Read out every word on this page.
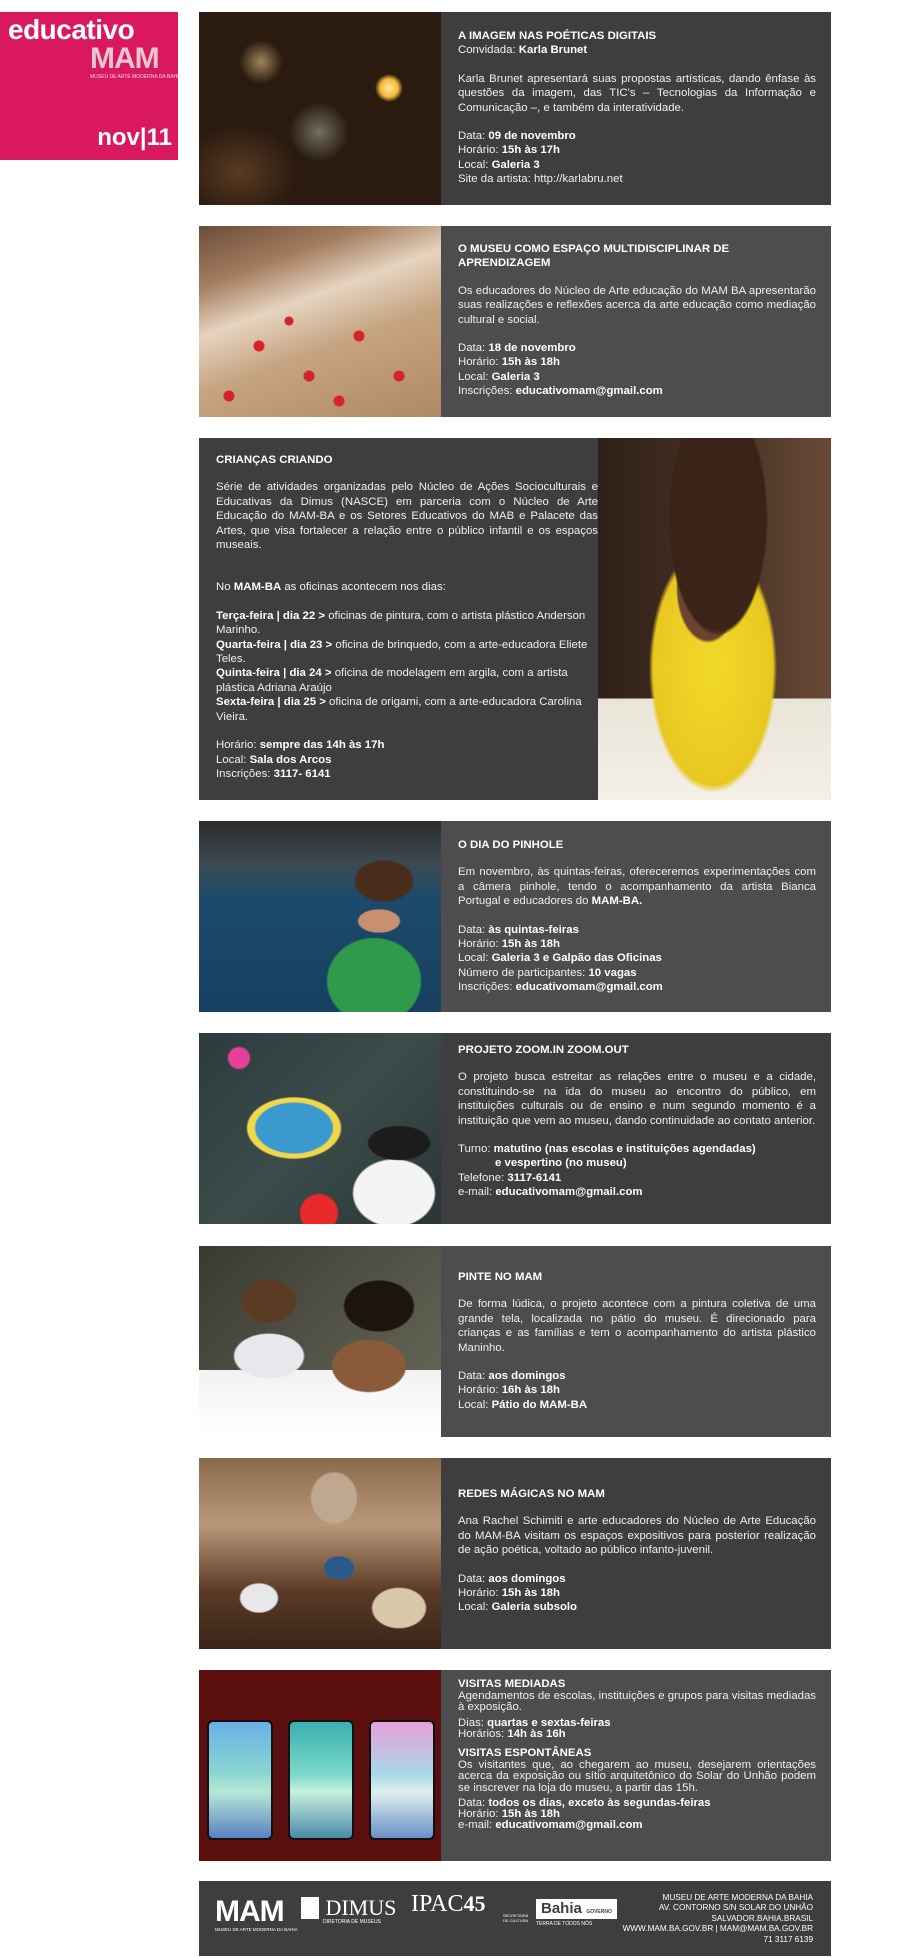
educativo
MAM
MUSEU DE ARTE MODERNA DA BAHIA
nov|11
A IMAGEM NAS POÉTICAS DIGITAIS

Convidada: Karla Brunet

Karla Brunet apresentará suas propostas artísticas, dando ênfase às questões da imagem, das TIC's – Tecnologias da Informação e Comunicação –, e também da interatividade.

Data: 09 de novembro

Horário: 15h às 17h

Local: Galeria 3

Site da artista: http://karlabru.net

O MUSEU COMO ESPAÇO MULTIDISCIPLINAR DE APRENDIZAGEM

Os educadores do Núcleo de Arte educação do MAM BA apresentarão suas realizações e reflexões acerca da arte educação como mediação cultural e social.

Data: 18 de novembro

Horário: 15h às 18h

Local: Galeria 3

Inscrições: educativomam@gmail.com

CRIANÇAS CRIANDO

Série de atividades organizadas pelo Núcleo de Ações Socioculturais e Educativas da Dimus (NASCE) em parceria com o Núcleo de Arte Educação do MAM-BA e os Setores Educativos do MAB e Palacete das Artes, que visa fortalecer a relação entre o público infantil e os espaços museais.

No MAM-BA as oficinas acontecem nos dias:

Terça-feira | dia 22 > oficinas de pintura, com o artista plástico Anderson Marinho.

Quarta-feira | dia 23 > oficina de brinquedo, com a arte-educadora Eliete Teles.

Quinta-feira | dia 24 > oficina de modelagem em argila, com a artista plástica Adriana Araújo

Sexta-feira | dia 25 > oficina de origami, com a arte-educadora Carolina Vieira.

Horário: sempre das 14h às 17h

Local: Sala dos Arcos

Inscrições: 3117- 6141

O DIA DO PINHOLE

Em novembro, às quintas-feiras, ofereceremos experimentações com a câmera pinhole, tendo o acompanhamento da artista Bianca Portugal e educadores do MAM-BA.

Data: às quintas-feiras

Horário: 15h às 18h

Local: Galeria 3 e Galpão das Oficinas

Número de participantes: 10 vagas

Inscrições: educativomam@gmail.com

PROJETO ZOOM.IN ZOOM.OUT

O projeto busca estreitar as relações entre o museu e a cidade, constituindo-se na ida do museu ao encontro do público, em instituições culturais ou de ensino e num segundo momento é a instituição que vem ao museu, dando continuidade ao contato anterior.

Turno: matutino (nas escolas e instituições agendadas)

e vespertino (no museu)

Telefone: 3117-6141

e-mail: educativomam@gmail.com

PINTE NO MAM

De forma lúdica, o projeto acontece com a pintura coletiva de uma grande tela, localizada no pátio do museu. É direcionado para crianças e as famílias e tem o acompanhamento do artista plástico Maninho.

Data: aos domingos

Horário: 16h às 18h

Local: Pátio do MAM-BA

REDES MÁGICAS NO MAM

Ana Rachel Schimiti e arte educadores do Núcleo de Arte Educação do MAM-BA visitam os espaços expositivos para posterior realização de ação poética, voltado ao público infanto-juvenil.

Data: aos domingos

Horário: 15h às 18h

Local: Galeria subsolo

VISITAS MEDIADAS

Agendamentos de escolas, instituições e grupos para visitas mediadas à exposição.

Dias: quartas e sextas-feiras

Horários: 14h às 16h

VISITAS ESPONTÂNEAS

Os visitantes que, ao chegarem ao museu, desejarem orientações acerca da exposição ou sítio arquitetônico do Solar do Unhão podem se inscrever na loja do museu, a partir das 15h.

Data: todos os dias, exceto às segundas-feiras

Horário: 15h às 18h

e-mail: educativomam@gmail.com

MAM
MUSEU DE ARTE MODERNA DA BAHIA
DIMUS
DIRETORIA DE MUSEUS
IPAC45	SECRETARIA DE CULTURA
Bahia GOVERNO
TERRA DE TODOS NÓS
MUSEU DE ARTE MODERNA DA BAHIA
AV. CONTORNO S/N SOLAR DO UNHÃO
SALVADOR.BAHIA.BRASIL
WWW.MAM.BA.GOV.BR | MAM@MAM.BA.GOV.BR
71 3117 6139
